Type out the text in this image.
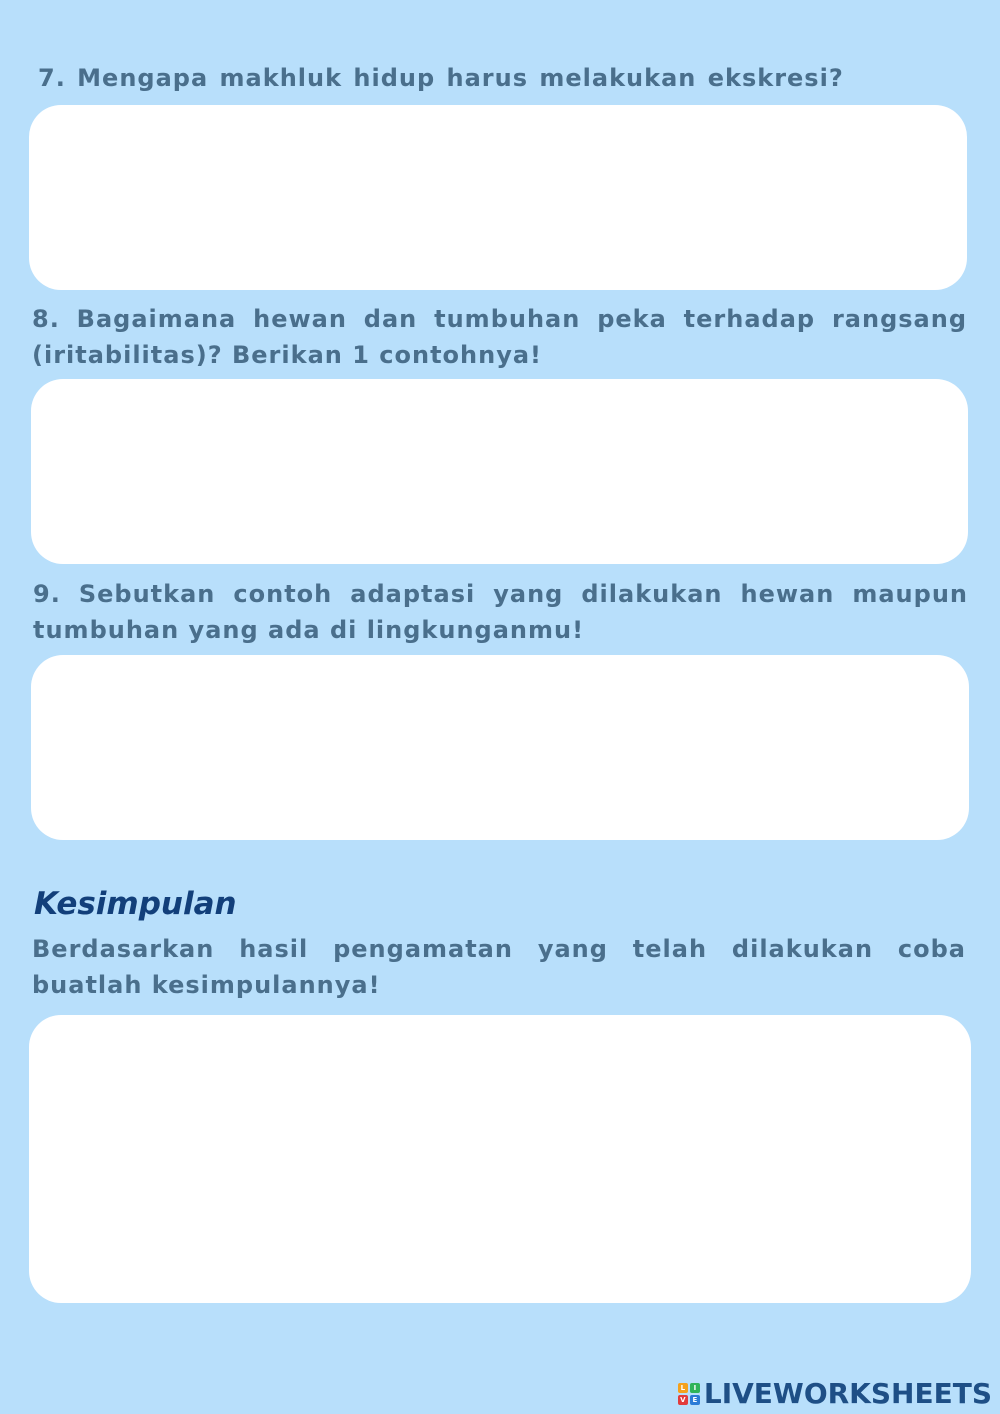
7. Mengapa makhluk hidup harus melakukan ekskresi?
8. Bagaimana hewan dan tumbuhan peka terhadap rangsang (iritabilitas)? Berikan 1 contohnya!
9. Sebutkan contoh adaptasi yang dilakukan hewan maupun tumbuhan yang ada di lingkunganmu!
Kesimpulan
Berdasarkan hasil pengamatan yang telah dilakukan coba buatlah kesimpulannya!
L	I
V E LIVEWORKSHEETS
